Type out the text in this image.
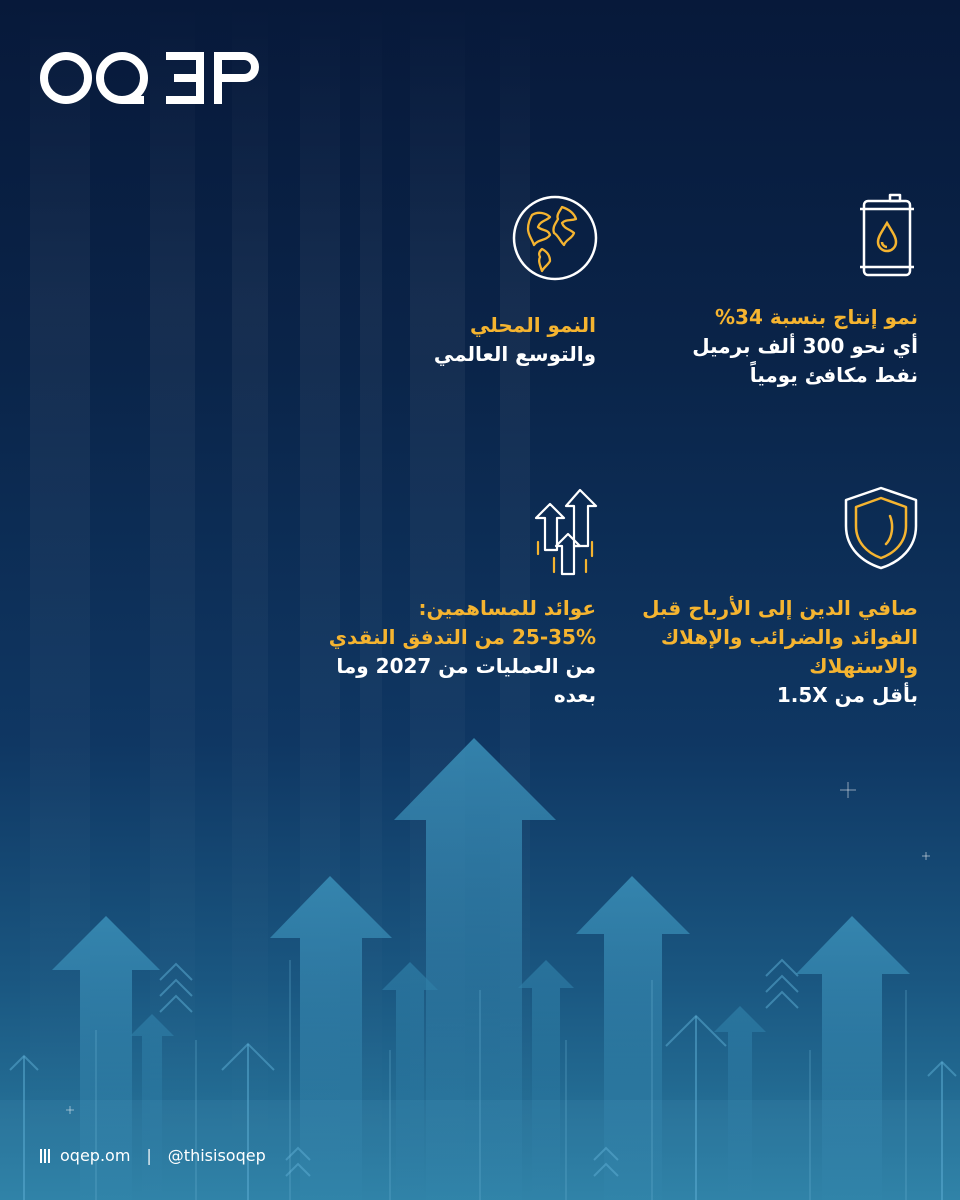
نمو إنتاج بنسبة 34%
أي نحو 300 ألف برميل
نفط مكافئ يومياً
النمو المحلي
والتوسع العالمي
صافي الدين إلى الأرباح قبل
الفوائد والضرائب والإهلاك
والاستهلاك
بأقل من 1.5X
عوائد للمساهمين:
25-35% من التدفق النقدي
من العمليات من 2027 وما بعده
oqep.om | @thisisoqep
